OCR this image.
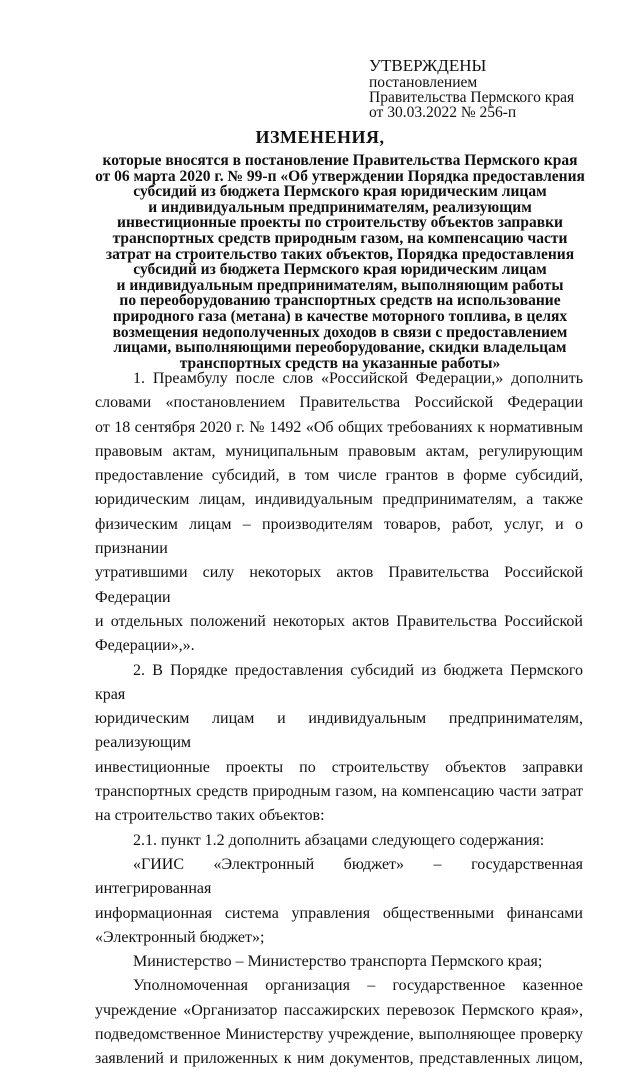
УТВЕРЖДЕНЫ
постановлением
Правительства Пермского края
от 30.03.2022 № 256-п
ИЗМЕНЕНИЯ,
которые вносятся в постановление Правительства Пермского края
от 06 марта 2020 г. № 99-п «Об утверждении Порядка предоставления
субсидий из бюджета Пермского края юридическим лицам
и индивидуальным предпринимателям, реализующим
инвестиционные проекты по строительству объектов заправки
транспортных средств природным газом, на компенсацию части
затрат на строительство таких объектов, Порядка предоставления
субсидий из бюджета Пермского края юридическим лицам
и индивидуальным предпринимателям, выполняющим работы
по переоборудованию транспортных средств на использование
природного газа (метана) в качестве моторного топлива, в целях
возмещения недополученных доходов в связи с предоставлением
лицами, выполняющими переоборудование, скидки владельцам
транспортных средств на указанные работы»

1. Преамбулу после слов «Российской Федерации,» дополнить

словами «постановлением Правительства Российской Федерации

от 18 сентября 2020 г. № 1492 «Об общих требованиях к нормативным

правовым актам, муниципальным правовым актам, регулирующим

предоставление субсидий, в том числе грантов в форме субсидий,

юридическим лицам, индивидуальным предпринимателям, а также

физическим лицам – производителям товаров, работ, услуг, и о признании

утратившими силу некоторых актов Правительства Российской Федерации

и отдельных положений некоторых актов Правительства Российской

Федерации»,».

2. В Порядке предоставления субсидий из бюджета Пермского края

юридическим лицам и индивидуальным предпринимателям, реализующим

инвестиционные проекты по строительству объектов заправки

транспортных средств природным газом, на компенсацию части затрат

на строительство таких объектов:

2.1. пункт 1.2 дополнить абзацами следующего содержания:

«ГИИС «Электронный бюджет» – государственная интегрированная

информационная система управления общественными финансами

«Электронный бюджет»;

Министерство – Министерство транспорта Пермского края;

Уполномоченная организация – государственное казенное

учреждение «Организатор пассажирских перевозок Пермского края»,

подведомственное Министерству учреждение, выполняющее проверку

заявлений и приложенных к ним документов, представленных лицом,
